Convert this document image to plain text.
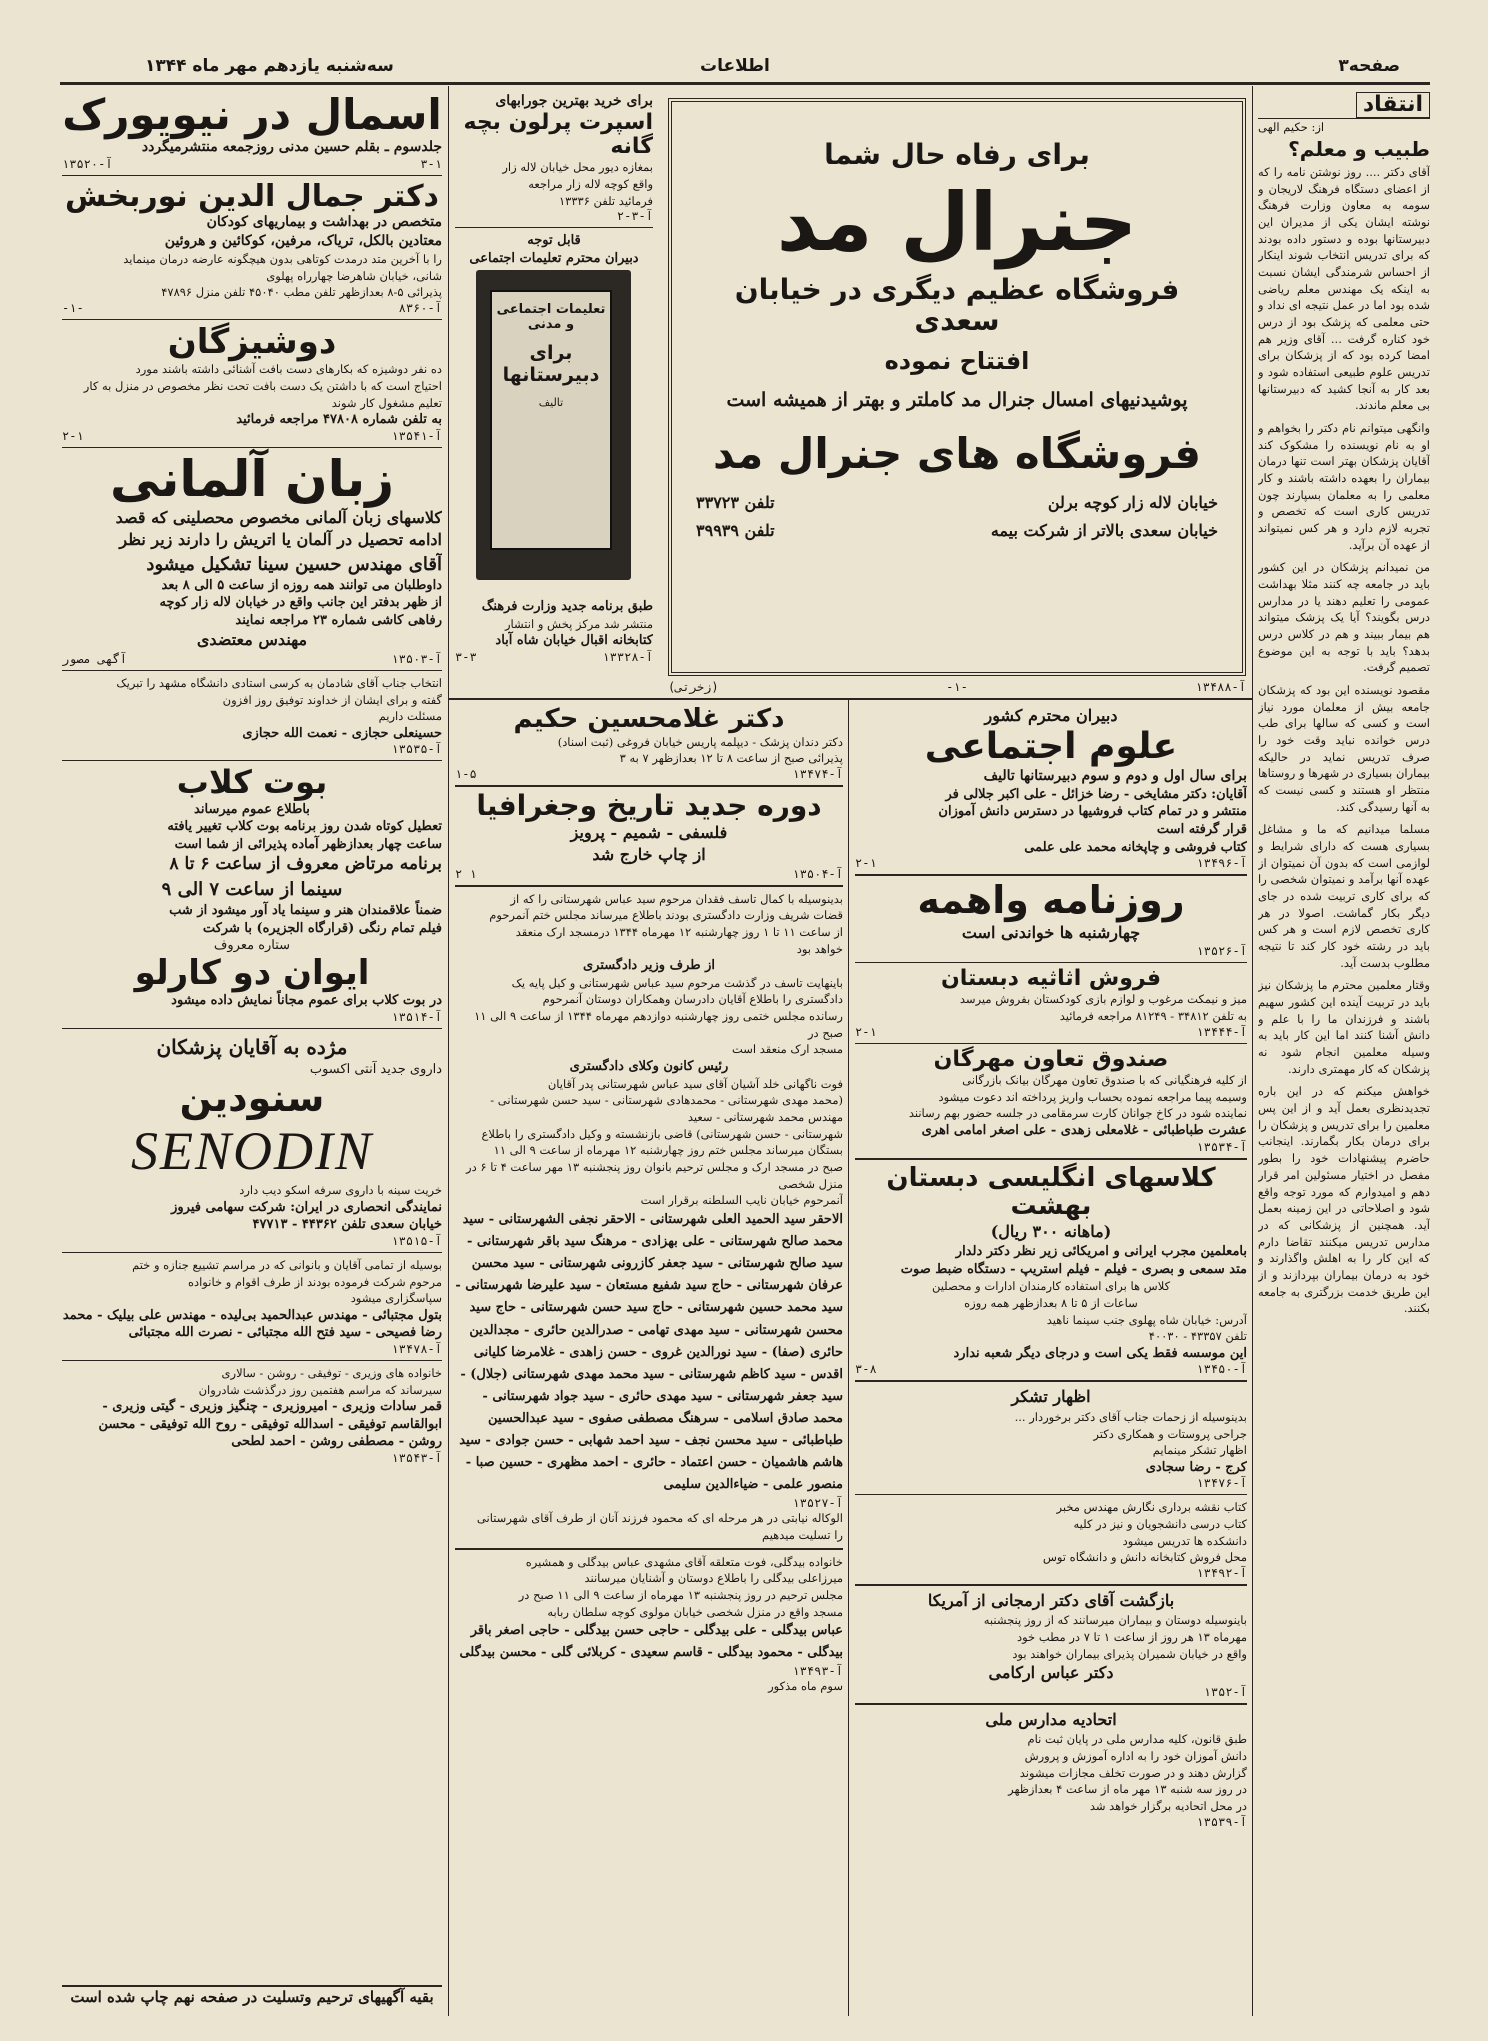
سه‌شنبه یازدهم مهر ماه ۱۳۴۴	اطلاعات	صفحه۳
اسمال در نیویورک
جلدسوم ـ بقلم حسین مدنی روزجمعه منتشرمیگردد
۳-۱
آ-۱۳۵۲۰
دکتر جمال الدین نوربخش
متخصص در بهداشت و بیماریهای کودکان
معتادین بالکل، تریاک، مرفین، کوکائین و هروئین
را با آخرین متد درمدت کوتاهی بدون هیچگونه عارضه درمان مینماید
شانی، خیابان شاهرضا چهارراه پهلوی
پذیرائی ۵-۸ بعدازظهر تلفن مطب ۴۵۰۴۰ تلفن منزل ۴۷۸۹۶
آ-۸۳۶۰
-۱-
دوشیزگان
ده نفر دوشیزه که بکارهای دست بافت آشنائی داشته باشند مورد
احتیاج است که با داشتن یک دست بافت تحت نظر مخصوص در منزل به کار
تعلیم مشغول کار شوند
به تلفن شماره ۴۷۸۰۸ مراجعه فرمائید
آ-۱۳۵۴۱
۲-۱
زبان آلمانی
کلاسهای زبان آلمانی مخصوص محصلینی که قصد
ادامه تحصیل در آلمان یا اتریش را دارند زیر نظر
آقای مهندس حسین سینا تشکیل میشود
داوطلبان می توانند همه روزه از ساعت ۵ الی ۸ بعد
از ظهر بدفتر این جانب واقع در خیابان لاله زار کوچه
رفاهی کاشی شماره ۲۳ مراجعه نمایند
مهندس معتضدی
آ-۱۳۵۰۳
آگهی مصور
انتخاب جناب آقای شادمان به کرسی استادی دانشگاه مشهد را تبریک
گفته و برای ایشان از خداوند توفیق روز افزون
مسئلت داریم
حسینعلی حجازی - نعمت الله حجازی
آ-۱۳۵۳۵
بوت کلاب
باطلاع عموم میرساند
تعطیل کوتاه شدن روز برنامه بوت کلاب تغییر یافته
ساعت چهار بعدازظهر آماده پذیرائی از شما است
برنامه مرتاض معروف از ساعت ۶ تا ۸
سینما از ساعت ۷ الی ۹
ضمناً علاقمندان هنر و سینما یاد آور میشود از شب
فیلم تمام رنگی (قرارگاه الجزیره) با شرکت
ستاره معروف
ایوان دو کارلو
در بوت کلاب برای عموم مجاناً نمایش داده میشود
آ-۱۳۵۱۴
مژده به آقایان پزشکان
داروی جدید آنتی اکسوب
سنودین
SENODIN
خریت سینه با داروی سرفه اسکو دیب دارد
نمایندگی انحصاری در ایران: شرکت سهامی فیروز
خیابان سعدی تلفن ۴۴۳۶۲ - ۴۷۷۱۳
آ-۱۳۵۱۵
بوسیله از تمامی آقایان و بانوانی که در مراسم تشییع جنازه و ختم
مرحوم شرکت فرموده بودند از طرف اقوام و خانواده
سپاسگزاری میشود
بتول مجتبائی - مهندس عبدالحمید بی‌لیده - مهندس علی بیلیک - محمد رضا فصیحی - سید فتح الله مجتبائی - نصرت الله مجتبائی
آ-۱۳۴۷۸
خانواده های وزیری - توفیقی - روشن - سالاری
سیرساند که مراسم هفتمین روز درگذشت شادروان
قمر سادات وزیری - امیروزیری - چنگیز وزیری - گیتی وزیری - ابوالقاسم توفیقی - اسدالله توفیقی - روح الله توفیقی - محسن روشن - مصطفی روشن - احمد لطحی
آ-۱۳۵۴۳
بقیه آگهیهای ترحیم وتسلیت در صفحه نهم چاپ شده است
برای خرید بهترین جورابهای
اسپرت پرلون بچه گانه
بمغازه دیور محل خیابان لاله زار
واقع کوچه لاله زار مراجعه
فرمائید تلفن ۱۳۳۳۶
آ-۳-۲
قابل توجه
دبیران محترم تعلیمات اجتماعی
تعلیمات اجتماعی و مدنی
برای دبیرستانها
تالیف
طبق برنامه جدید وزارت فرهنگ
منتشر شد مرکز پخش و انتشار
کتابخانه اقبال خیابان شاه آباد
آ-۱۳۳۲۸
۳-۳
برای رفاه حال شما
جنرال مد
فروشگاه عظیم دیگری در خیابان سعدی
افتتاح نموده
پوشیدنیهای امسال جنرال مد کاملتر و بهتر از همیشه است
فروشگاه های جنرال مد
خیابان لاله زار کوچه برلن
تلفن ۳۳۷۲۳
خیابان سعدی بالاتر از شرکت بیمه
تلفن ۳۹۹۳۹
آ-۱۳۴۸۸
-۱-
(زخرتی)
دکتر غلامحسین حکیم
دکتر دندان پزشک - دیپلمه پاریس خیابان فروغی (ثبت اسناد)
پذیرائی صبح از ساعت ۸ تا ۱۲ بعدازظهر ۷ به ۳
آ-۱۳۴۷۴
۱-۵
دوره جدید تاریخ وجغرافیا
فلسفی - شمیم - پرویز
از چاپ خارج شد
آ-۱۳۵۰۴
۱ ۲
بدینوسیله با کمال تاسف فقدان مرحوم سید عباس شهرستانی را که از
قضات شریف وزارت دادگستری بودند باطلاع میرساند مجلس ختم آنمرحوم
از ساعت ۱۱ تا ۱ روز چهارشنبه ۱۲ مهرماه ۱۳۴۴ درمسجد ارک منعقد
خواهد بود
از طرف وزیر دادگستری
باینهایت تاسف در گذشت مرحوم سید عباس شهرستانی و کیل پایه یک
دادگستری را باطلاع آقایان دادرسان وهمکاران دوستان آنمرحوم
رسانده مجلس ختمی روز چهارشنبه دوازدهم مهرماه ۱۳۴۴ از ساعت ۹ الی ۱۱ صبح در
مسجد ارک منعقد است
رئیس کانون وکلای دادگستری
فوت ناگهانی خلد آشیان آقای سید عباس شهرستانی پدر آقایان
(محمد مهدی شهرستانی - محمدهادی شهرستانی - سید حسن شهرستانی - مهندس محمد شهرستانی - سعید
شهرستانی - حسن شهرستانی) قاضی بازنشسته و وکیل دادگستری را باطلاع
بستگان میرساند مجلس ختم روز چهارشنبه ۱۲ مهرماه از ساعت ۹ الی ۱۱
صبح در مسجد ارک و مجلس ترحیم بانوان روز پنجشنبه ۱۳ مهر ساعت ۴ تا ۶ در منزل شخصی
آنمرحوم خیابان نایب السلطنه برقرار است
الاحقر سید الحمید العلی شهرستانی - الاحقر نجفی الشهرستانی - سید محمد صالح شهرستانی - علی بهزادی - مرهنگ سید باقر شهرستانی - سید صالح شهرستانی - سید جعفر کازرونی شهرستانی - سید محسن عرفان شهرستانی - حاج سید شفیع مستعان - سید علیرضا شهرستانی - سید محمد حسین شهرستانی - حاج سید حسن شهرستانی - حاج سید محسن شهرستانی - سید مهدی تهامی - صدرالدین حائری - مجدالدین حائری (صفا) - سید نورالدین غروی - حسن زاهدی - غلامرضا کلیانی اقدس - سید کاظم شهرستانی - سید محمد مهدی شهرستانی (جلال) - سید جعفر شهرستانی - سید مهدی حائری - سید جواد شهرستانی - محمد صادق اسلامی - سرهنگ مصطفی صفوی - سید عبدالحسین طباطبائی - سید محسن نجف - سید احمد شهابی - حسن جوادی - سید هاشم هاشمیان - حسن اعتماد - حائری - احمد مظهری - حسین صبا - منصور علمی - ضیاءالدین سلیمی
آ-۱۳۵۲۷
الوکاله نیابتی در هر مرحله ای که محمود فرزند آنان از طرف آقای شهرستانی
را تسلیت میدهیم
خانواده بیدگلی، فوت متعلقه آقای مشهدی عباس بیدگلی و همشیره
میرزاعلی بیدگلی را باطلاع دوستان و آشنایان میرسانند
مجلس ترحیم در روز پنجشنبه ۱۳ مهرماه از ساعت ۹ الی ۱۱ صبح در
مسجد واقع در منزل شخصی خیابان مولوی کوچه سلطان ربابه
عباس بیدگلی - علی بیدگلی - حاجی حسن بیدگلی - حاجی اصغر باقر بیدگلی - محمود بیدگلی - قاسم سعیدی - کربلائی گلی - محسن بیدگلی
آ-۱۳۴۹۳
سوم ماه مذکور
دبیران محترم کشور
علوم اجتماعی
برای سال اول و دوم و سوم دبیرستانها تالیف
آقایان: دکتر مشایخی - رضا خزائل - علی اکبر جلالی فر
منتشر و در تمام کتاب فروشیها در دسترس دانش آموزان
قرار گرفته است
کتاب فروشی و چاپخانه محمد علی علمی
آ-۱۳۴۹۶
۲-۱
روزنامه واهمه
چهارشنبه ها خواندنی است
آ-۱۳۵۲۶
فروش اثاثیه دبستان
میز و نیمکت مرغوب و لوازم بازی کودکستان بفروش میرسد
به تلفن ۳۴۸۱۲ - ۸۱۲۴۹ مراجعه فرمائید
آ-۱۳۴۴۴
۲-۱
صندوق تعاون مهرگان
از کلیه فرهنگیانی که با صندوق تعاون مهرگان بیانک بازرگانی
وسیمه پیما مراجعه نموده بحساب واریز پرداخته اند دعوت میشود
نماینده شود در کاخ جوانان کارت سرمقامی در جلسه حضور بهم رسانند
عشرت طباطبائی - غلامعلی زهدی - علی اصغر امامی اهری
آ-۱۳۵۳۴
کلاسهای انگلیسی دبستان بهشت
(ماهانه ۳۰۰ ریال)
بامعلمین مجرب ایرانی و امریکائی زیر نظر دکتر دلدار
متد سمعی و بصری - فیلم - فیلم استریپ - دستگاه ضبط صوت
کلاس ها برای استفاده کارمندان ادارات و محصلین
ساعات از ۵ تا ۸ بعدازظهر همه روزه
آدرس: خیابان شاه پهلوی جنب سینما ناهید
تلفن ۴۳۳۵۷ - ۴۰۰۳۰
این موسسه فقط یکی است و درجای دیگر شعبه ندارد
آ-۱۳۴۵۰
۳-۸
اظهار تشکر
بدینوسیله از زحمات جناب آقای دکتر برخوردار ...
جراحی پروستات و همکاری دکتر
اظهار تشکر مینمایم
کرج - رضا سجادی
آ-۱۳۴۷۶
کتاب نقشه برداری نگارش مهندس مخبر
کتاب درسی دانشجویان و نیز در کلیه
دانشکده ها تدریس میشود
محل فروش کتابخانه دانش و دانشگاه توس
آ-۱۳۴۹۲
بازگشت آقای دکتر ارمجانی از آمریکا
باینوسیله دوستان و بیماران میرسانند که از روز پنجشنبه
مهرماه ۱۳ هر روز از ساعت ۱ تا ۷ در مطب خود
واقع در خیابان شمیران پذیرای بیماران خواهند بود
دکتر عباس ارکامی
آ-۱۳۵۲
اتحادیه مدارس ملی
طبق قانون، کلیه مدارس ملی در پایان ثبت نام
دانش آموزان خود را به اداره آموزش و پرورش
گزارش دهند و در صورت تخلف مجازات میشوند
در روز سه شنبه ۱۳ مهر ماه از ساعت ۴ بعدازظهر
در محل اتحادیه برگزار خواهد شد
آ-۱۳۵۳۹
انتقاد
از: حکیم الهی
طبیب و معلم؟
آقای دکتر .... روز نوشتن نامه را که از اعضای دستگاه فرهنگ لاریجان و سومه به معاون وزارت فرهنگ نوشته ایشان یکی از مدیران این دبیرستانها بوده و دستور داده بودند که برای تدریس انتخاب شوند اینکار از احساس شرمندگی ایشان نسبت به اینکه یک مهندس معلم ریاضی شده بود اما در عمل نتیجه ای نداد و حتی معلمی که پزشک بود از درس خود کناره گرفت ... آقای وزیر هم امضا کرده بود که از پزشکان برای تدریس علوم طبیعی استفاده شود و بعد کار به آنجا کشید که دبیرستانها بی معلم ماندند.
وانگهی میتوانم نام دکتر را بخواهم و او به نام نویسنده را مشکوک کند آقایان پزشکان بهتر است تنها درمان بیماران را بعهده داشته باشند و کار معلمی را به معلمان بسپارند چون تدریس کاری است که تخصص و تجربه لازم دارد و هر کس نمیتواند از عهده آن برآید.
من نمیدانم پزشکان در این کشور باید در جامعه چه کنند مثلا بهداشت عمومی را تعلیم دهند یا در مدارس درس بگویند؟ آیا یک پزشک میتواند هم بیمار ببیند و هم در کلاس درس بدهد؟ باید با توجه به این موضوع تصمیم گرفت.
مقصود نویسنده این بود که پزشکان جامعه بیش از معلمان مورد نیاز است و کسی که سالها برای طب درس خوانده نباید وقت خود را صرف تدریس نماید در حالیکه بیماران بسیاری در شهرها و روستاها منتظر او هستند و کسی نیست که به آنها رسیدگی کند.
مسلما میدانیم که ما و مشاغل بسیاری هست که دارای شرایط و لوازمی است که بدون آن نمیتوان از عهده آنها برآمد و نمیتوان شخصی را که برای کاری تربیت شده در جای دیگر بکار گماشت. اصولا در هر کاری تخصص لازم است و هر کس باید در رشته خود کار کند تا نتیجه مطلوب بدست آید.
وقتار معلمین محترم ما پزشکان نیز باید در تربیت آینده این کشور سهیم باشند و فرزندان ما را با علم و دانش آشنا کنند اما این کار باید به وسیله معلمین انجام شود نه پزشکان که کار مهمتری دارند.
خواهش میکنم که در این باره تجدیدنظری بعمل آید و از این پس معلمین را برای تدریس و پزشکان را برای درمان بکار بگمارند. اینجانب حاضرم پیشنهادات خود را بطور مفصل در اختیار مسئولین امر قرار دهم و امیدوارم که مورد توجه واقع شود و اصلاحاتی در این زمینه بعمل آید. همچنین از پزشکانی که در مدارس تدریس میکنند تقاضا دارم که این کار را به اهلش واگذارند و خود به درمان بیماران بپردازند و از این طریق خدمت بزرگتری به جامعه بکنند.
